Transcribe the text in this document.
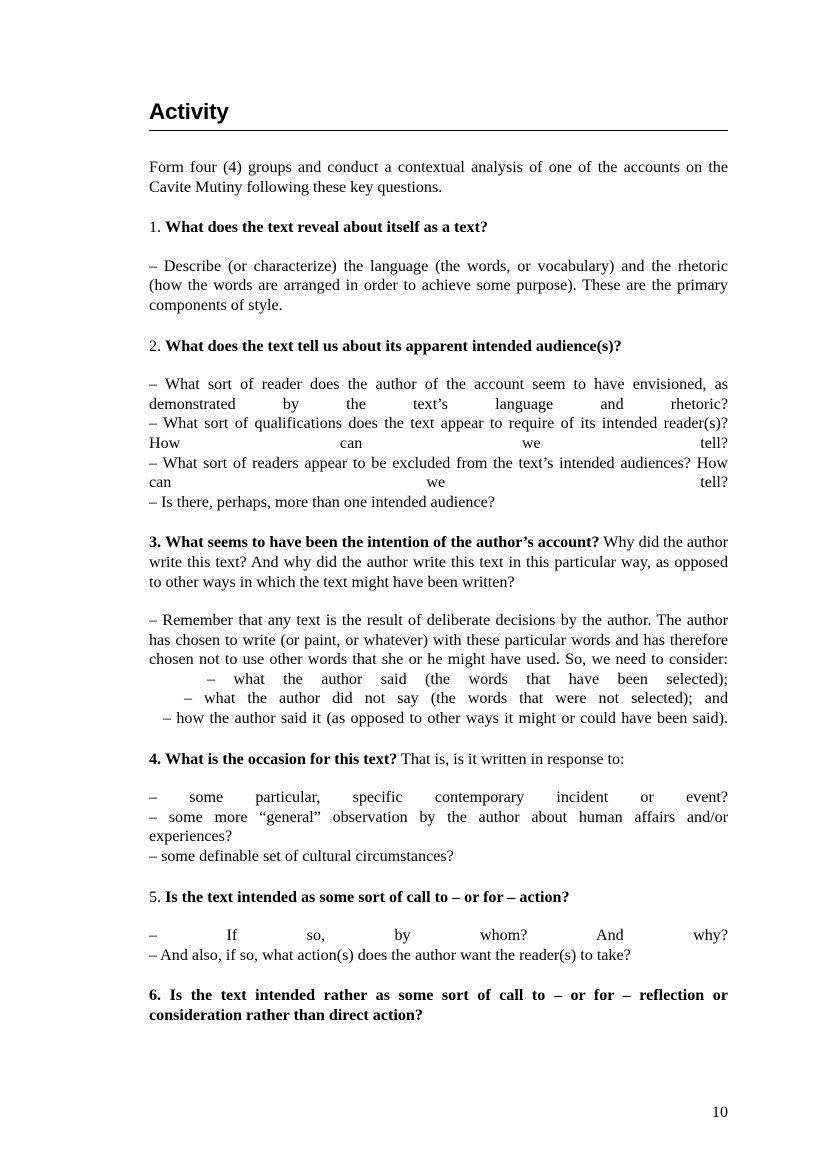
Activity

Form four (4) groups and conduct a contextual analysis of one of the accounts on the Cavite Mutiny following these key questions.

1. What does the text reveal about itself as a text?

– Describe (or characterize) the language (the words, or vocabulary) and the rhetoric (how the words are arranged in order to achieve some purpose). These are the primary components of style.

2. What does the text tell us about its apparent intended audience(s)?

– What sort of reader does the author of the account seem to have envisioned, as demonstrated by the text’s language and rhetoric?

– What sort of qualifications does the text appear to require of its intended reader(s)? How can we tell?

– What sort of readers appear to be excluded from the text’s intended audiences? How can we tell?

– Is there, perhaps, more than one intended audience?

3. What seems to have been the intention of the author’s account? Why did the author write this text? And why did the author write this text in this particular way, as opposed to other ways in which the text might have been written?

– Remember that any text is the result of deliberate decisions by the author. The author has chosen to write (or paint, or whatever) with these particular words and has therefore chosen not to use other words that she or he might have used. So, we need to consider:

– what the author said (the words that have been selected);

– what the author did not say (the words that were not selected); and

– how the author said it (as opposed to other ways it might or could have been said).

4. What is the occasion for this text? That is, is it written in response to:

– some particular, specific contemporary incident or event?

– some more “general” observation by the author about human affairs and/or experiences?

– some definable set of cultural circumstances?

5. Is the text intended as some sort of call to – or for – action?

– If so, by whom? And why?

– And also, if so, what action(s) does the author want the reader(s) to take?

6. Is the text intended rather as some sort of call to – or for – reflection or consideration rather than direct action?

10
